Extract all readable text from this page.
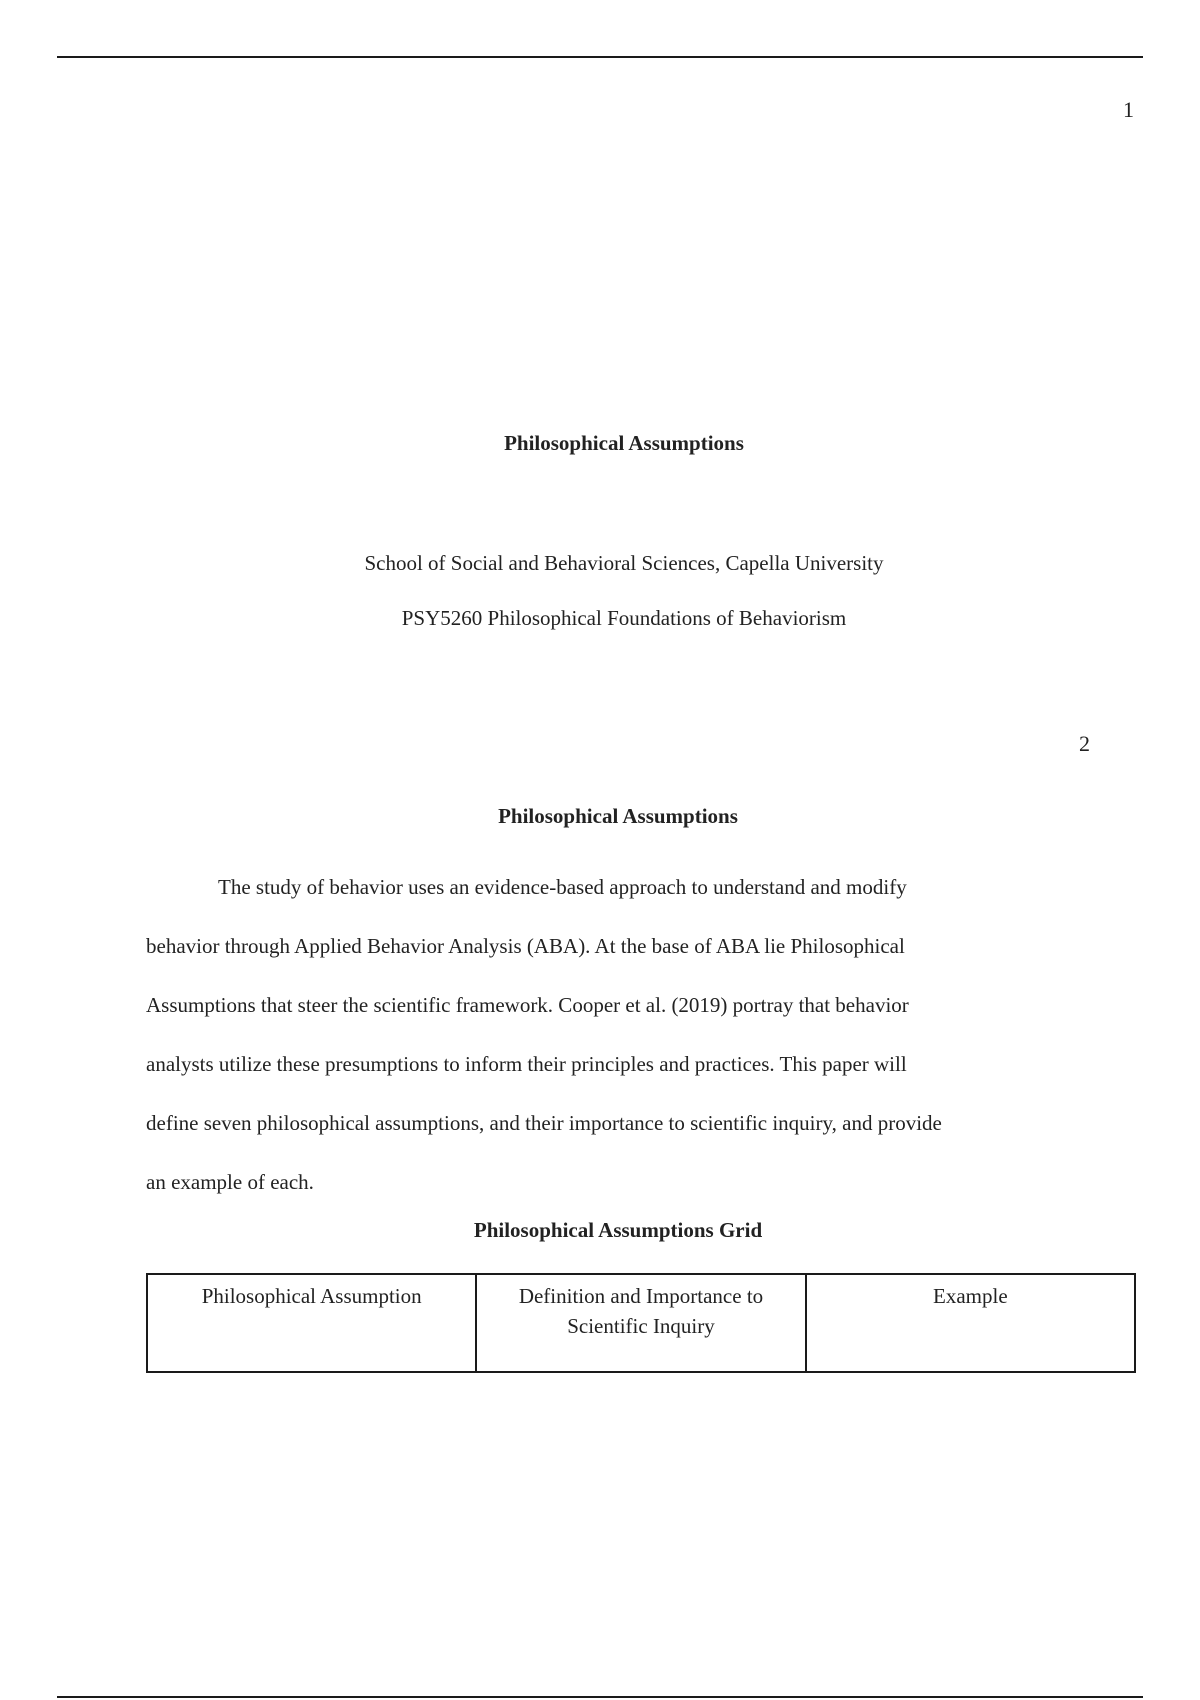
1
Philosophical Assumptions
School of Social and Behavioral Sciences, Capella University
PSY5260 Philosophical Foundations of Behaviorism
2
Philosophical Assumptions

The study of behavior uses an evidence-based approach to understand and modify
behavior through Applied Behavior Analysis (ABA). At the base of ABA lie Philosophical
Assumptions that steer the scientific framework. Cooper et al. (2019) portray that behavior
analysts utilize these presumptions to inform their principles and practices. This paper will
define seven philosophical assumptions, and their importance to scientific inquiry, and provide
an example of each.

Philosophical Assumptions Grid
Philosophical Assumption	Definition and Importance to Scientific Inquiry	Example
